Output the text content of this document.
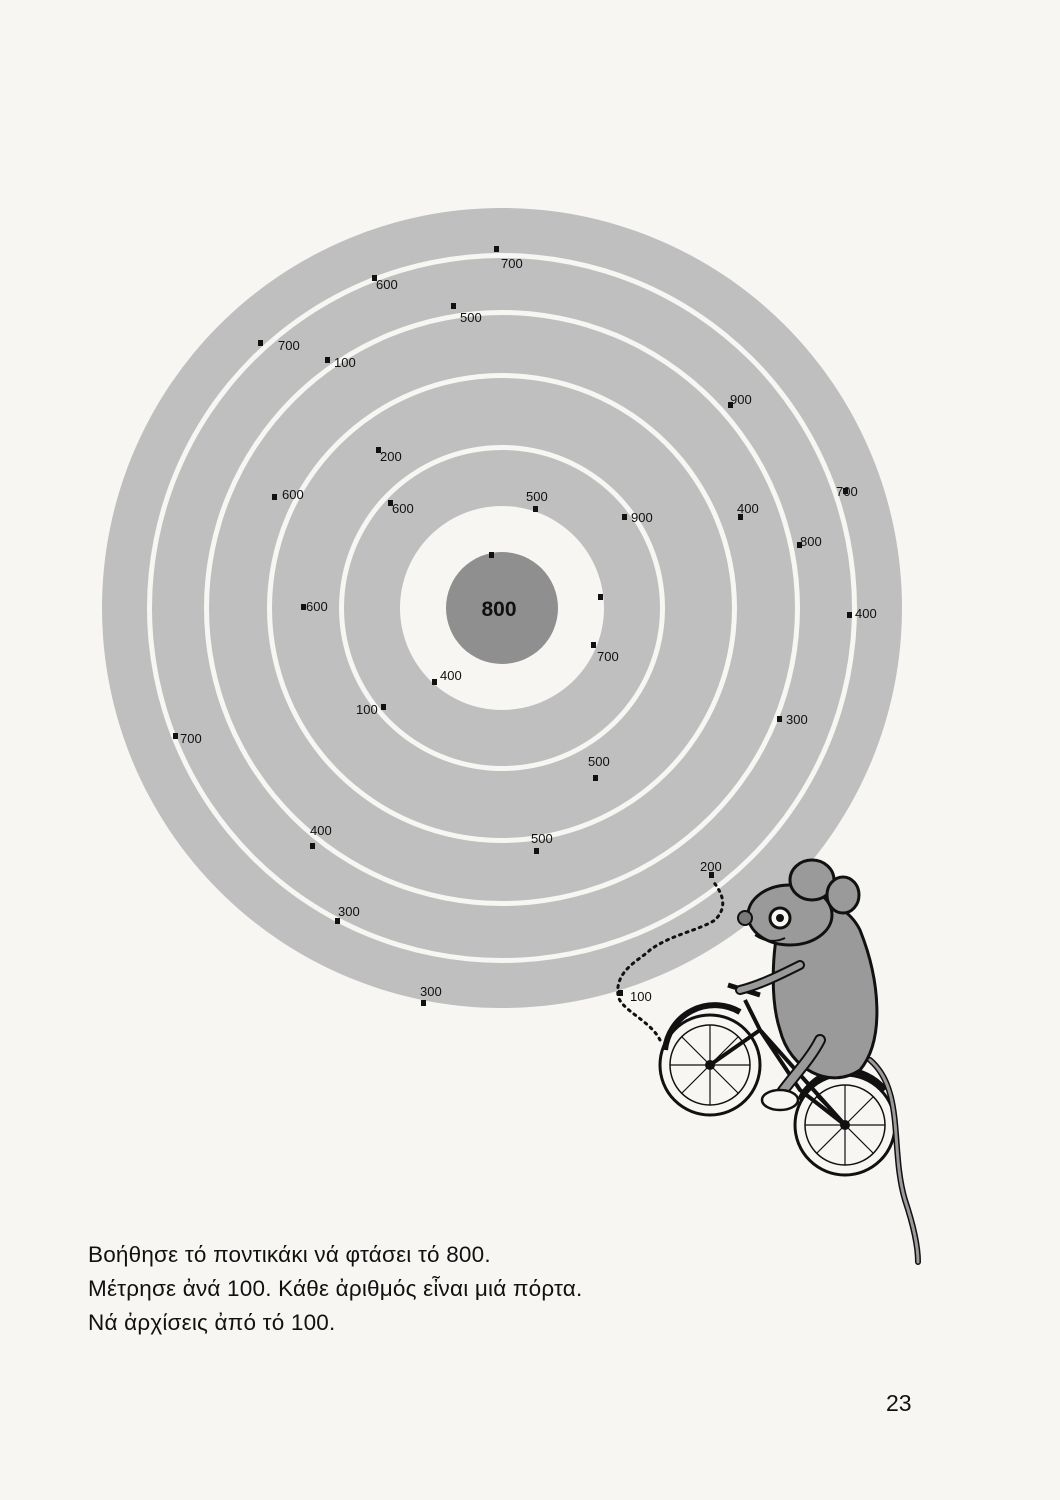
800
700
700
600
700
700
400
300
200
100
300
300
600
500
100
900
800
600
500
400
600
500
400
500
900
200
400
100
700
Βοήθησε τό ποντικάκι νά φτάσει τό 800.
Μέτρησε ἀνά 100. Κάθε ἀριθμός εἶναι μιά πόρτα.
Νά ἀρχίσεις ἀπό τό 100.
23
